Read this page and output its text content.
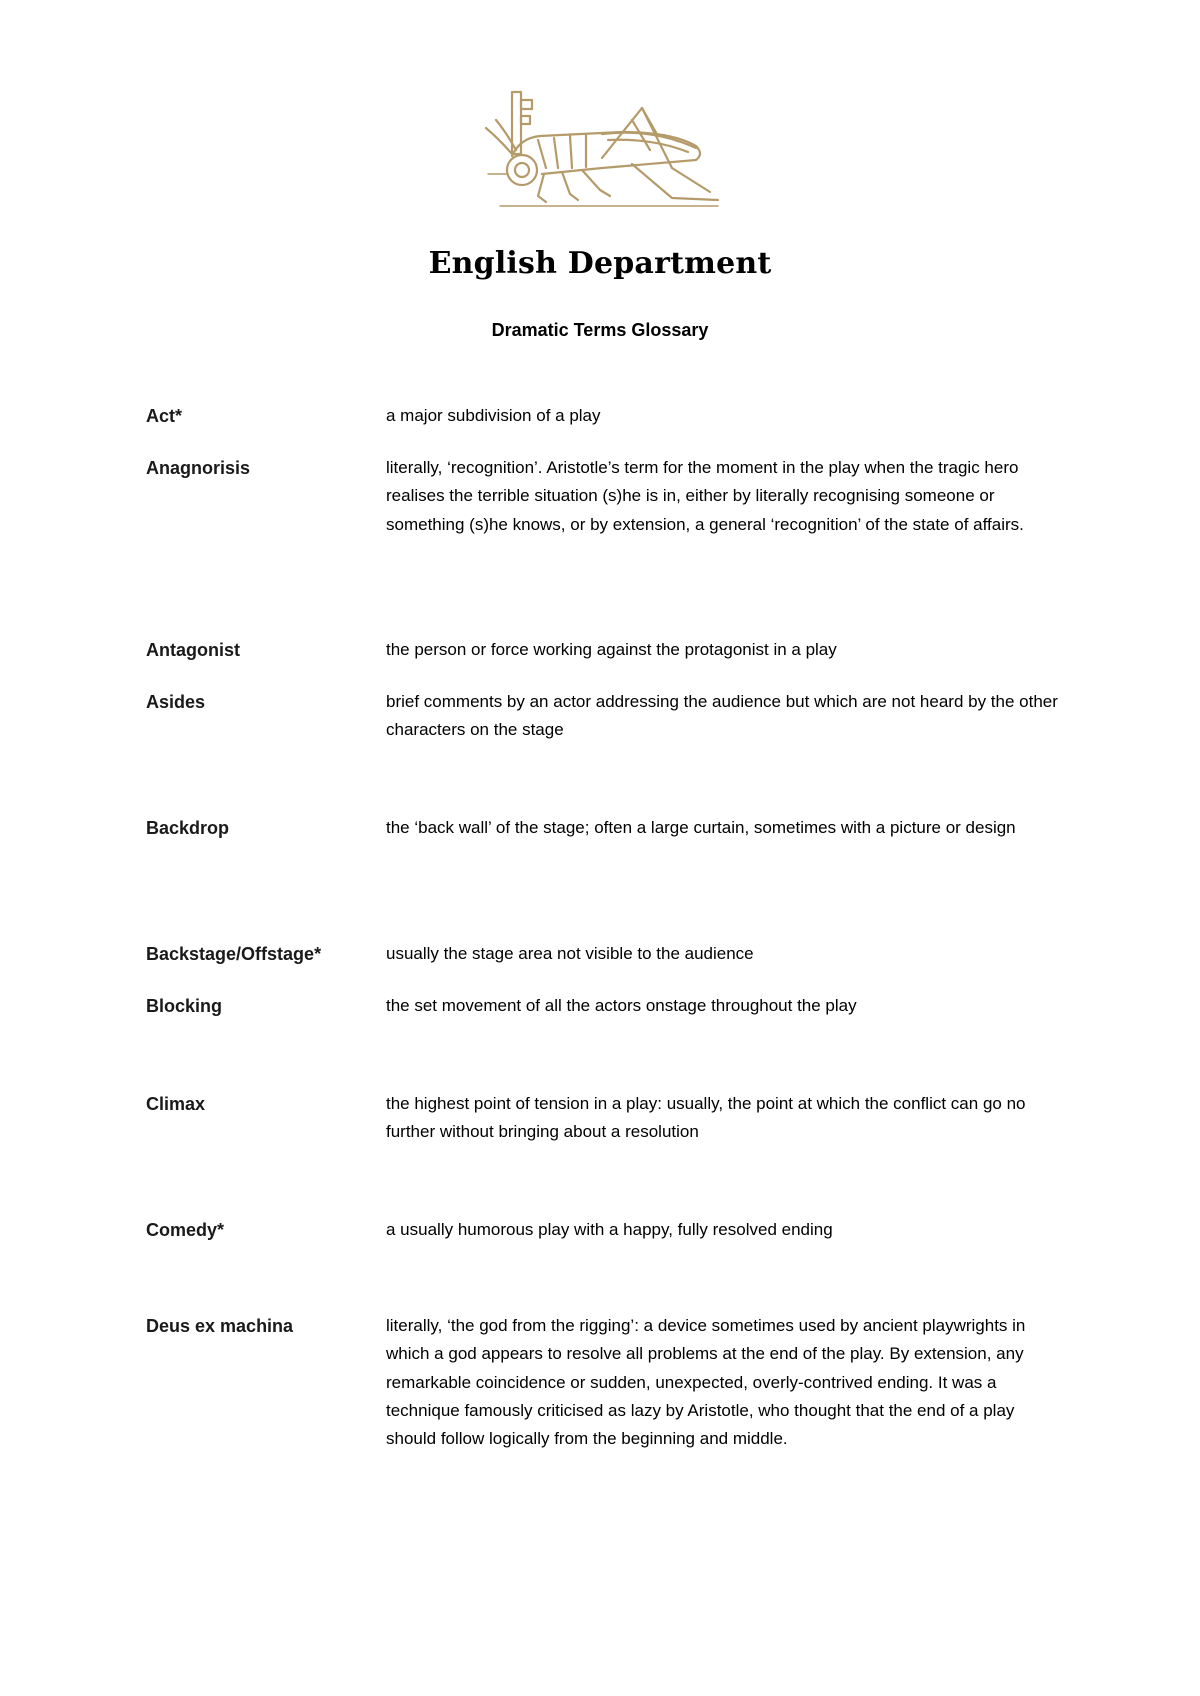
English Department
Dramatic Terms Glossary
Act*	a major subdivision of a play
Anagnorisis	literally, ‘recognition’. Aristotle’s term for the moment in the play when the tragic hero realises the terrible situation (s)he is in, either by literally recognising someone or something (s)he knows, or by extension, a general ‘recognition’ of the state of affairs.
Antagonist	the person or force working against the protagonist in a play
Asides	brief comments by an actor addressing the audience but which are not heard by the other characters on the stage
Backdrop	the ‘back wall’ of the stage; often a large curtain, sometimes with a picture or design
Backstage/Offstage*	usually the stage area not visible to the audience
Blocking	the set movement of all the actors onstage throughout the play
Climax	the highest point of tension in a play: usually, the point at which the conflict can go no further without bringing about a resolution
Comedy*	a usually humorous play with a happy, fully resolved ending
Deus ex machina	literally, ‘the god from the rigging’: a device sometimes used by ancient playwrights in which a god appears to resolve all problems at the end of the play. By extension, any remarkable coincidence or sudden, unexpected, overly-contrived ending. It was a technique famously criticised as lazy by Aristotle, who thought that the end of a play should follow logically from the beginning and middle.
